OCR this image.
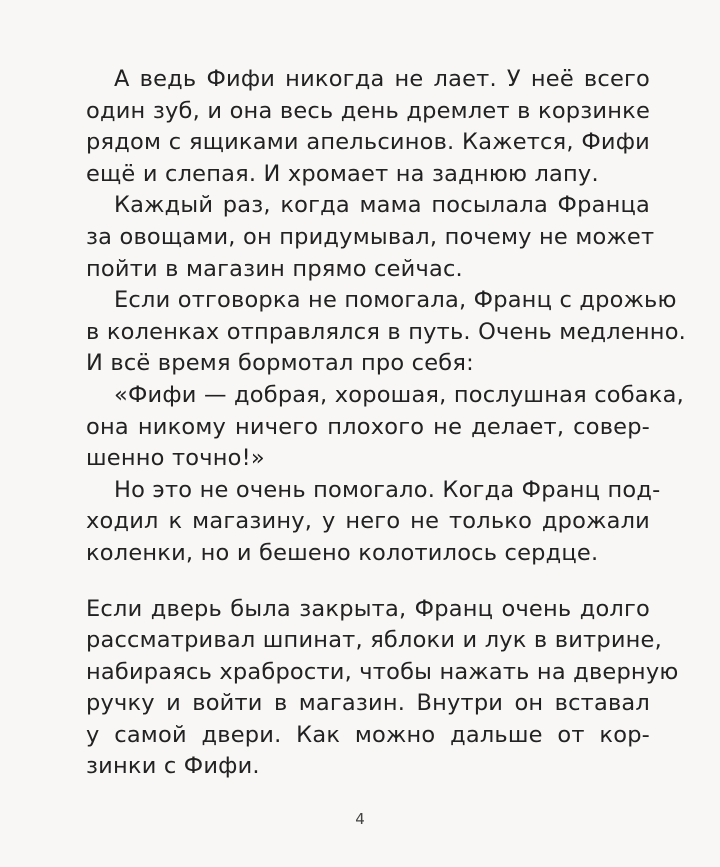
А ведь Фифи никогда не лает. У неё всего
один зуб, и она весь день дремлет в корзинке
рядом с ящиками апельсинов. Кажется, Фифи
ещё и слепая. И хромает на заднюю лапу.

Каждый раз, когда мама посылала Франца
за овощами, он придумывал, почему не может
пойти в магазин прямо сейчас.

Если отговорка не помогала, Франц с дрожью
в коленках отправлялся в путь. Очень медленно.
И всё время бормотал про себя:

«Фифи — добрая, хорошая, послушная собака,
она никому ничего плохого не делает, совер-
шенно точно!»

Но это не очень помогало. Когда Франц под-
ходил к магазину, у него не только дрожали
коленки, но и бешено колотилось сердце.

Если дверь была закрыта, Франц очень долго
рассматривал шпинат, яблоки и лук в витрине,
набираясь храбрости, чтобы нажать на дверную
ручку и войти в магазин. Внутри он вставал
у самой двери. Как можно дальше от кор-
зинки с Фифи.

4
